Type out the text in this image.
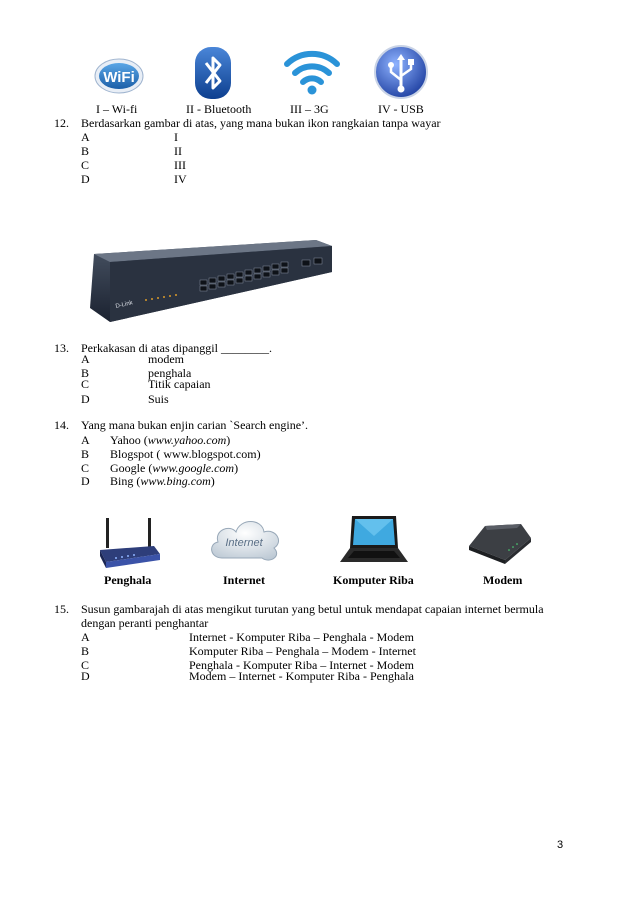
WiFi
I – Wi-fi	II - Bluetooth	III – 3G	IV - USB
12. Berdasarkan gambar di atas, yang mana bukan ikon rangkaian tanpa wayar
A	I
B	II
C	III
D	IV
D-Link
13. Perkakasan di atas dipanggil ________.
A	modem
B	penghala
C	Titik capaian
D	Suis
14. Yang mana bukan enjin carian `Search engine’.
A Yahoo (www.yahoo.com)
B Blogspot ( www.blogspot.com)
C Google (www.google.com)
D Bing (www.bing.com)
Internet
Penghala	Internet	Komputer Riba	Modem
15. Susun gambarajah di atas mengikut turutan yang betul untuk mendapat capaian internet bermula
dengan peranti penghantar
A	Internet - Komputer Riba – Penghala - Modem
B	Komputer Riba – Penghala – Modem - Internet
C	Penghala - Komputer Riba – Internet - Modem
D	Modem – Internet - Komputer Riba - Penghala
3
